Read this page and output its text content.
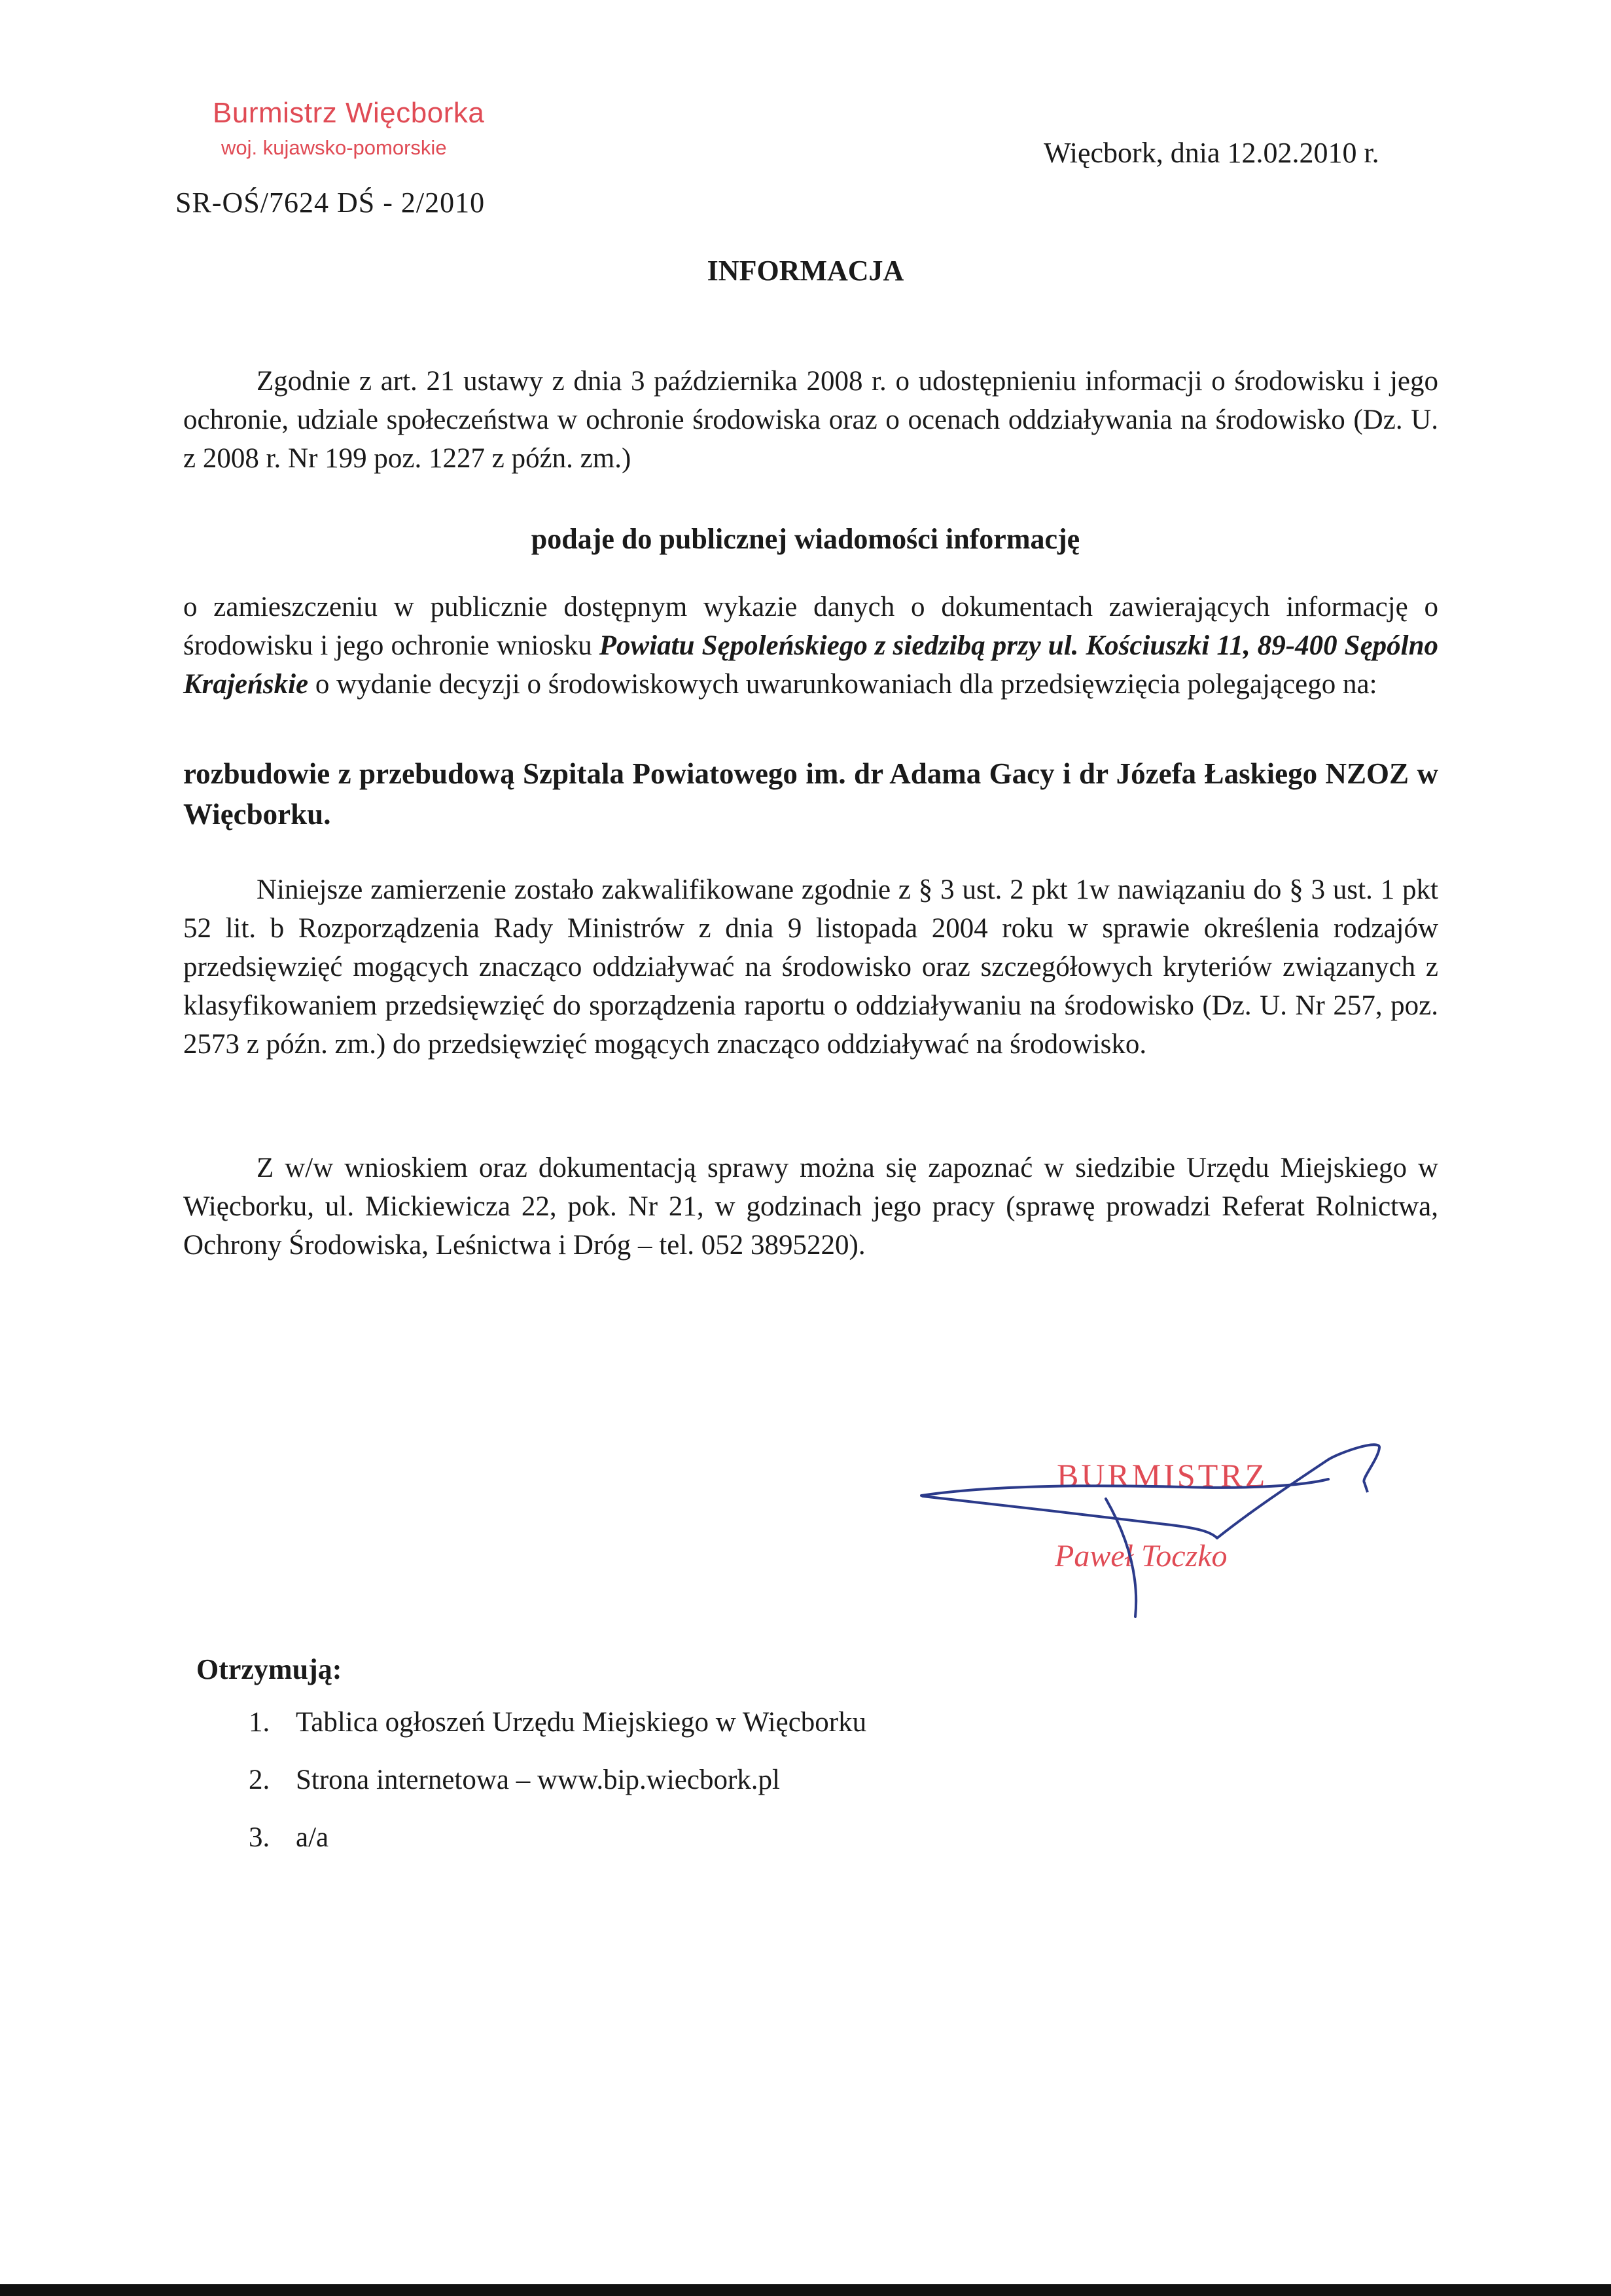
Burmistrz Więcborka
woj. kujawsko-pomorskie	Więcbork, dnia 12.02.2010 r.
SR-OŚ/7624 DŚ - 2/2010
INFORMACJA
Zgodnie z art. 21 ustawy z dnia 3 października 2008 r. o udostępnieniu informacji o środowisku i jego ochronie, udziale społeczeństwa w ochronie środowiska oraz o ocenach oddziaływania na środowisko (Dz. U. z 2008 r. Nr 199 poz. 1227 z późn. zm.)
podaje do publicznej wiadomości informację
o zamieszczeniu w publicznie dostępnym wykazie danych o dokumentach zawierających informację o środowisku i jego ochronie wniosku Powiatu Sępoleńskiego z siedzibą przy ul. Kościuszki 11, 89-400 Sępólno Krajeńskie o wydanie decyzji o środowiskowych uwarunkowaniach dla przedsięwzięcia polegającego na:
rozbudowie z przebudową Szpitala Powiatowego im. dr Adama Gacy i dr Józefa Łaskiego NZOZ w Więcborku.
Niniejsze zamierzenie zostało zakwalifikowane zgodnie z § 3 ust. 2 pkt 1w nawiązaniu do § 3 ust. 1 pkt 52 lit. b Rozporządzenia Rady Ministrów z dnia 9 listopada 2004 roku w sprawie określenia rodzajów przedsięwzięć mogących znacząco oddziaływać na środowisko oraz szczegółowych kryteriów związanych z klasyfikowaniem przedsięwzięć do sporządzenia raportu o oddziaływaniu na środowisko (Dz. U. Nr 257, poz. 2573 z późn. zm.) do przedsięwzięć mogących znacząco oddziaływać na środowisko.
Z w/w wnioskiem oraz dokumentacją sprawy można się zapoznać w siedzibie Urzędu Miejskiego w Więcborku, ul. Mickiewicza 22, pok. Nr 21, w godzinach jego pracy (sprawę prowadzi Referat Rolnictwa, Ochrony Środowiska, Leśnictwa i Dróg – tel. 052 3895220).
BURMISTRZ
Paweł Toczko
Otrzymują:
1. Tablica ogłoszeń Urzędu Miejskiego w Więcborku
2. Strona internetowa – www.bip.wiecbork.pl
3. a/a
